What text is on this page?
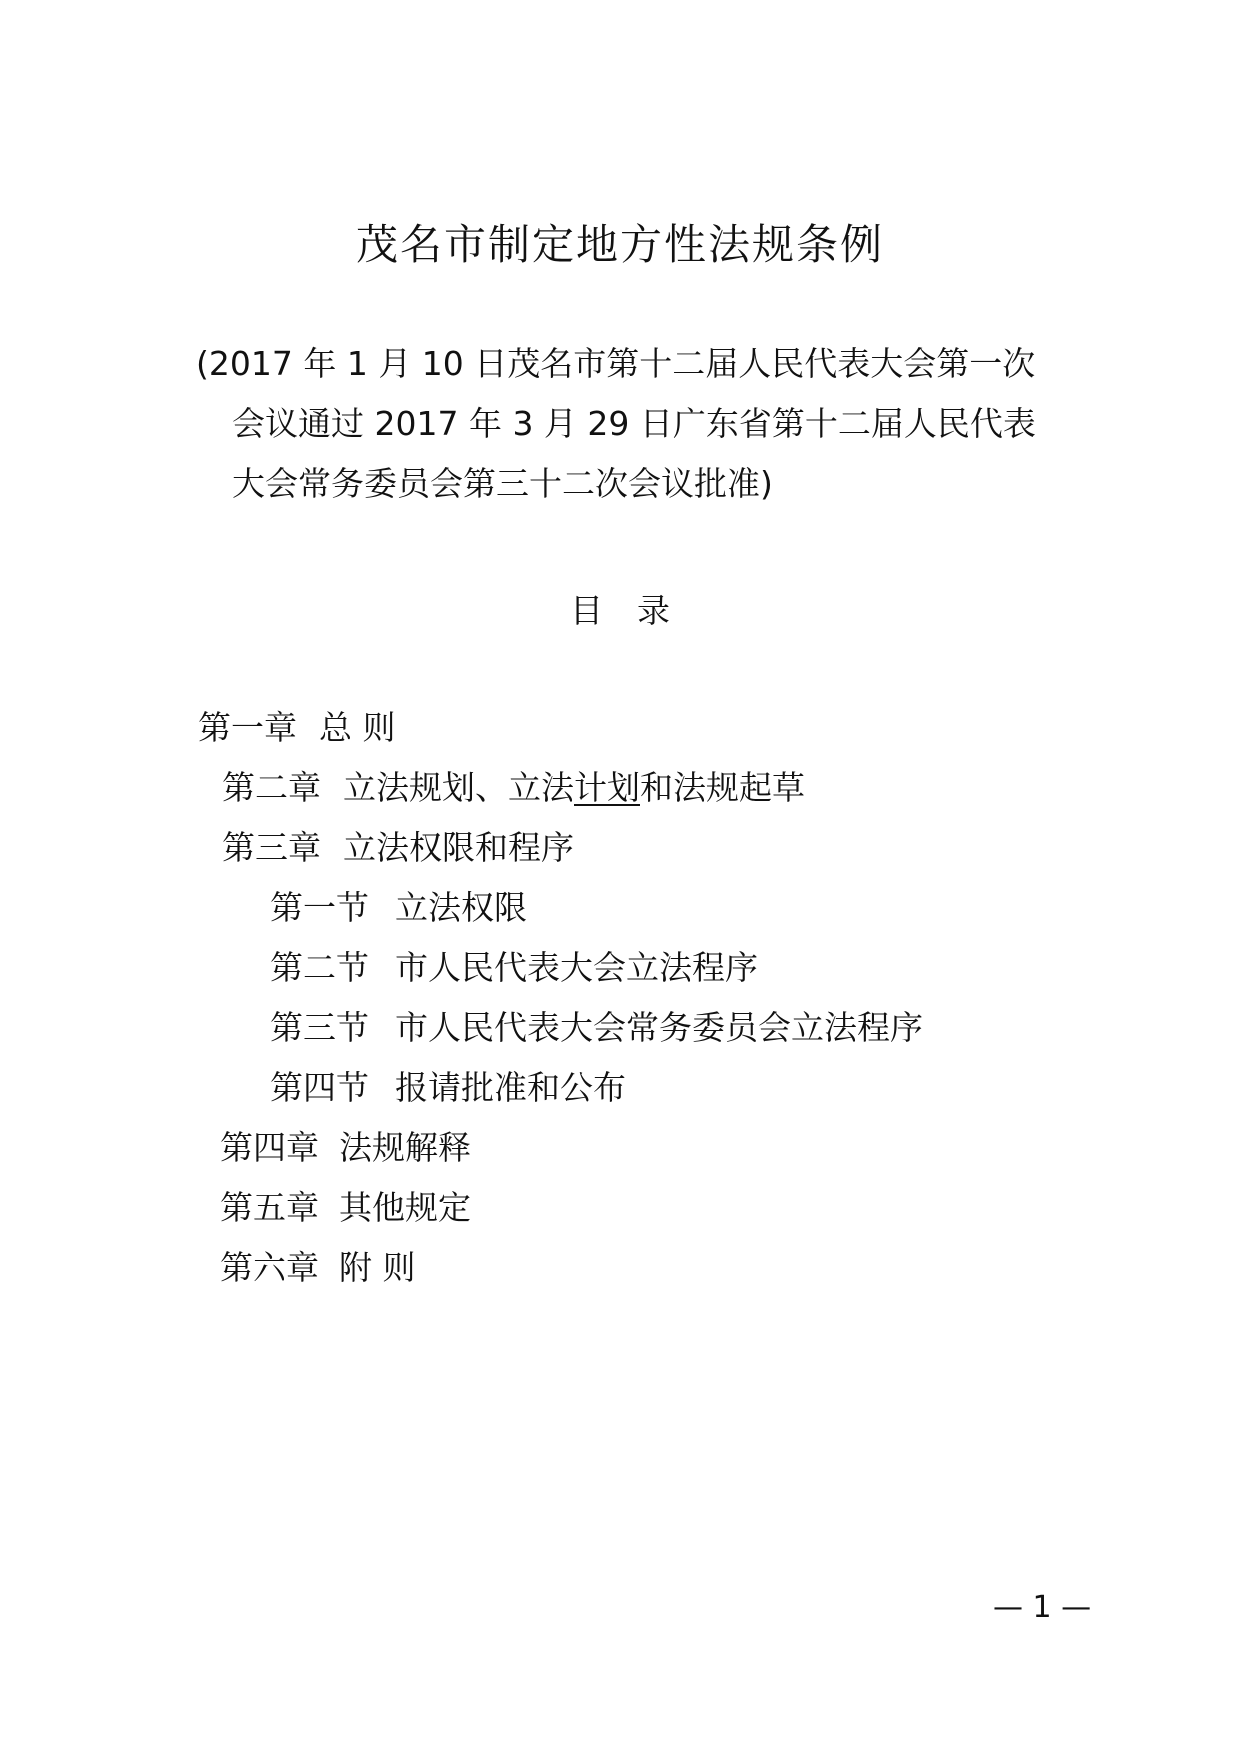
茂名市制定地方性法规条例
(2017 年 1 月 10 日茂名市第十二届人民代表大会第一次
会议通过 2017 年 3 月 29 日广东省第十二届人民代表
大会常务委员会第三十二次会议批准)
目 录
第一章 总 则
第二章 立法规划、立法计划和法规起草
第三章 立法权限和程序
第一节 立法权限
第二节 市人民代表大会立法程序
第三节 市人民代表大会常务委员会立法程序
第四节 报请批准和公布
第四章 法规解释
第五章 其他规定
第六章 附 则
— 1 —
